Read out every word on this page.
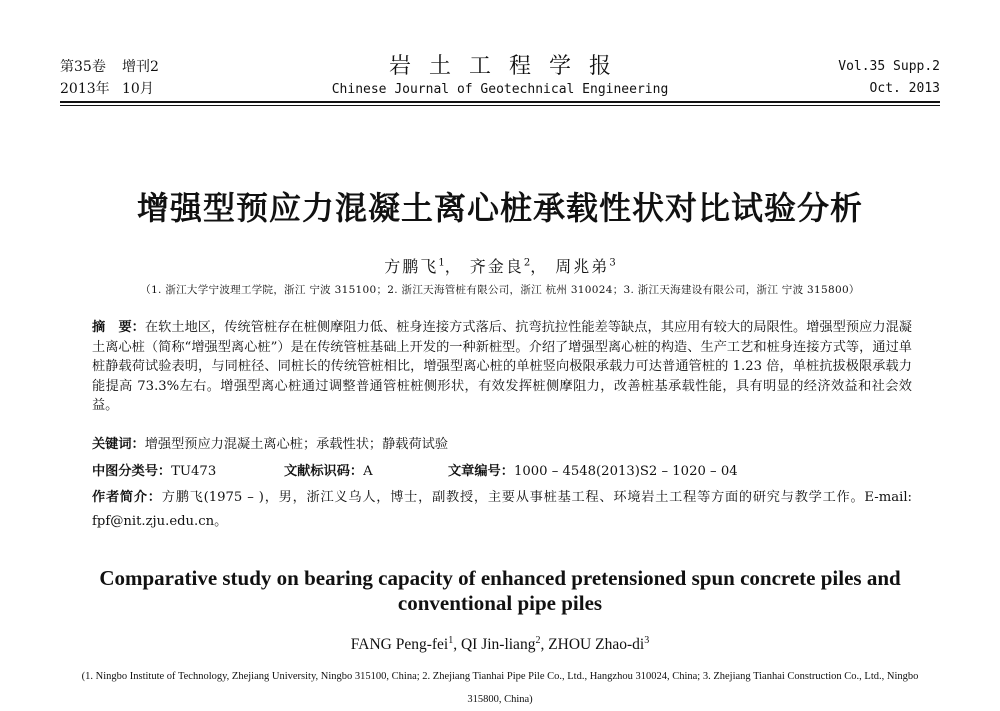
第35卷 增刊2
2013年 10月
岩土工程学报
Chinese Journal of Geotechnical Engineering
Vol.35 Supp.2
Oct. 2013
增强型预应力混凝土离心桩承载性状对比试验分析
方鹏飞$^1$， 齐金良$^2$， 周兆弟$^3$
（1. 浙江大学宁波理工学院，浙江 宁波 315100；2. 浙江天海管桩有限公司，浙江 杭州 310024；3. 浙江天海建设有限公司，浙江 宁波 315800）
摘　要：在软土地区，传统管桩存在桩侧摩阻力低、桩身连接方式落后、抗弯抗拉性能差等缺点，其应用有较大的局限性。增强型预应力混凝土离心桩（简称“增强型离心桩”）是在传统管桩基础上开发的一种新桩型。介绍了增强型离心桩的构造、生产工艺和桩身连接方式等，通过单桩静载荷试验表明，与同桩径、同桩长的传统管桩相比，增强型离心桩的单桩竖向极限承载力可达普通管桩的 1.23 倍，单桩抗拔极限承载力能提高 73.3%左右。增强型离心桩通过调整普通管桩桩侧形状，有效发挥桩侧摩阻力，改善桩基承载性能，具有明显的经济效益和社会效益。
关键词：增强型预应力混凝土离心桩；承载性状；静载荷试验
中图分类号：TU473	文献标识码：A	文章编号：1000 – 4548(2013)S2 – 1020 – 04
作者简介：方鹏飞(1975 – )，男，浙江义乌人，博士，副教授，主要从事桩基工程、环境岩土工程等方面的研究与教学工作。E-mail: fpf@nit.zju.edu.cn。
Comparative study on bearing capacity of enhanced pretensioned spun concrete piles and conventional pipe piles
FANG Peng-fei$^1$, QI Jin-liang$^2$, ZHOU Zhao-$di^3$
(1. Ningbo Institute of Technology, Zhejiang University, Ningbo 315100, China; 2. Zhejiang Tianhai Pipe Pile Co., Ltd., Hangzhou 310024, China; 3. Zhejiang Tianhai Construction Co., Ltd., Ningbo 315800, China)
